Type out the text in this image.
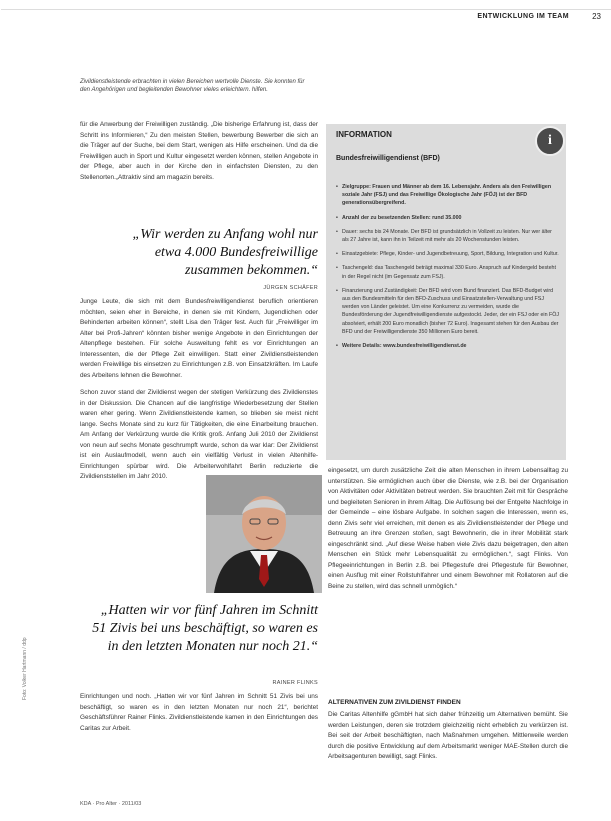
ENTWICKLUNG IM TEAM	23
Zivildienstleistende erbrachten in vielen Bereichen wertvolle Dienste. Sie konnten für den Angehörigen und begleitenden Bewohner vieles erleichtern. hilfen.

für die Anwerbung der Freiwilligen zuständig. „Die bisherige Erfahrung ist, dass der Schritt ins Informieren,“ Zu den meisten Stellen, bewerbung Bewerber die sich an die Träger auf der Suche, bei dem Start, wenigen als Hilfe erscheinen. Und da die Freiwilligen auch in Sport und Kultur eingesetzt werden können, stellen Angebote in der Pflege, aber auch in der Kirche den in einfachsten Diensten, zu den Stellenorten.„Attraktiv sind am magazin bereits.

„Wir werden zu Anfang wohl nur etwa 4.000 Bundesfreiwillige zusammen bekommen.“
JÜRGEN SCHÄFER

Junge Leute, die sich mit dem Bundesfreiwilligendienst beruflich orientieren möchten, seien eher in Bereiche, in denen sie mit Kindern, Jugendlichen oder Behinderten arbeiten können“, stellt Lisa den Träger fest. Auch für „Freiwilliger im Alter bei Profi-Jahren“ könnten bisher wenige Angebote in den Einrichtungen der Altenpflege bestehen. Für solche Ausweitung fehlt es vor Einrichtungen an Interessenten, die der Pflege Zeit einwilligen. Statt einer Zivildienstleistenden werden Freiwillige bis einsetzen zu Einrichtungen z.B. von Einsatzkräften. Im Laufe des Arbeitens lehnen die Bewohner.

Schon zuvor stand der Zivildienst wegen der stetigen Verkürzung des Zivildienstes in der Diskussion. Die Chancen auf die langfristige Wiederbesetzung der Stellen waren eher gering. Wenn Zivildienstleistende kamen, so blieben sie meist nicht lange. Sechs Monate sind zu kurz für Tätigkeiten, die eine Einarbeitung brauchen. Am Anfang der Verkürzung wurde die Kritik groß. Anfang Juli 2010 der Zivildienst von neun auf sechs Monate geschrumpft wurde, schon da war klar: Der Zivildienst ist ein Auslaufmodell, wenn auch ein vielfältig Verlust in vielen Altenhilfe-Einrichtungen spürbar wird. Die Arbeiterwohlfahrt Berlin reduzierte die Zivildienststellen im Jahr 2010.

„Hatten wir vor fünf Jahren im Schnitt 51 Zivis bei uns beschäftigt, so waren es in den letzten Monaten nur noch 21.“
RAINER FLINKS

Einrichtungen und noch. „Hatten wir vor fünf Jahren im Schnitt 51 Zivis bei uns beschäftigt, so waren es in den letzten Monaten nur noch 21“, berichtet Geschäftsführer Rainer Flinks. Zivildienstleistende kamen in den Einrichtungen des Caritas zur Arbeit.

INFORMATION	i
Bundesfreiwilligendienst (BFD)
• Zielgruppe: Frauen und Männer ab dem 16. Lebensjahr. Anders als den Freiwilligen soziale Jahr (FSJ) und das Freiwillige Ökologische Jahr (FÖJ) ist der BFD generationsübergreifend.
• Anzahl der zu besetzenden Stellen: rund 35.000
• Dauer: sechs bis 24 Monate. Der BFD ist grundsätzlich in Vollzeit zu leisten. Nur wer älter als 27 Jahre ist, kann ihn in Teilzeit mit mehr als 20 Wochenstunden leisten.
• Einsatzgebiete: Pflege, Kinder- und Jugendbetreuung, Sport, Bildung, Integration und Kultur.
• Taschengeld: das Taschengeld beträgt maximal 330 Euro. Anspruch auf Kindergeld besteht in der Regel nicht (im Gegensatz zum FSJ).
• Finanzierung und Zuständigkeit: Der BFD wird vom Bund finanziert. Das BFD-Budget wird aus den Bundesmitteln für den BFD-Zuschuss und Einsatzstellen-Verwaltung und FSJ werden von Länder geleistet. Um eine Konkurrenz zu vermeiden, wurde die Bundesförderung der Jugendfreiwilligendienste aufgestockt. Jeder, der ein FSJ oder ein FÖJ absolviert, erhält 200 Euro monatlich (bisher 72 Euro). Insgesamt stehen für den Ausbau der BFD und der Freiwilligendienste 350 Millionen Euro bereit.
• Weitere Details: www.bundesfreiwilligendienst.de

eingesetzt, um durch zusätzliche Zeit die alten Menschen in ihrem Lebensalltag zu unterstützen. Sie ermöglichen auch über die Dienste, wie z.B. bei der Organisation von Aktivitäten oder Aktivitäten betreut werden. Sie brauchten Zeit mit für Gespräche und begleiteten Senioren in ihrem Alltag. Die Auflösung bei der Entgelte Nachfolge in der Gemeinde – eine lösbare Aufgabe. In solchen sagen die Interessen, wenn es, denn Zivis sehr viel erreichen, mit denen es als Zivildienstleistender der Pflege und Betreuung an ihre Grenzen stoßen, sagt Bewohnerin, die in ihrer Mobilität stark eingeschränkt sind. „Auf diese Weise haben viele Zivis dazu beigetragen, den alten Menschen ein Stück mehr Lebensqualität zu ermöglichen.“, sagt Flinks. Von Pflegeeinrichtungen in Berlin z.B. bei Pflegestufe drei Pflegestufe für Bewohner, einen Ausflug mit einer Rollstuhlfahrer und einem Bewohner mit Rollatoren auf die Beine zu stellen, wird das schnell unmöglich.“

ALTERNATIVEN ZUM ZIVILDIENST FINDEN

Die Caritas Altenhilfe gGmbH hat sich daher frühzeitig um Alternativen bemüht. Sie werden Leistungen, deren sie trotzdem gleichzeitig nicht erheblich zu verkürzen ist. Bei seit der Arbeit beschäftigten, nach Maßnahmen umgehen. Mittlerweile werden durch die positive Entwicklung auf dem Arbeitsmarkt weniger MAE-Stellen durch die Arbeitsagenturen bewilligt, sagt Flinks.

KDA · Pro Alter · 2011/03
Foto: Volker Hartmann / ddp
